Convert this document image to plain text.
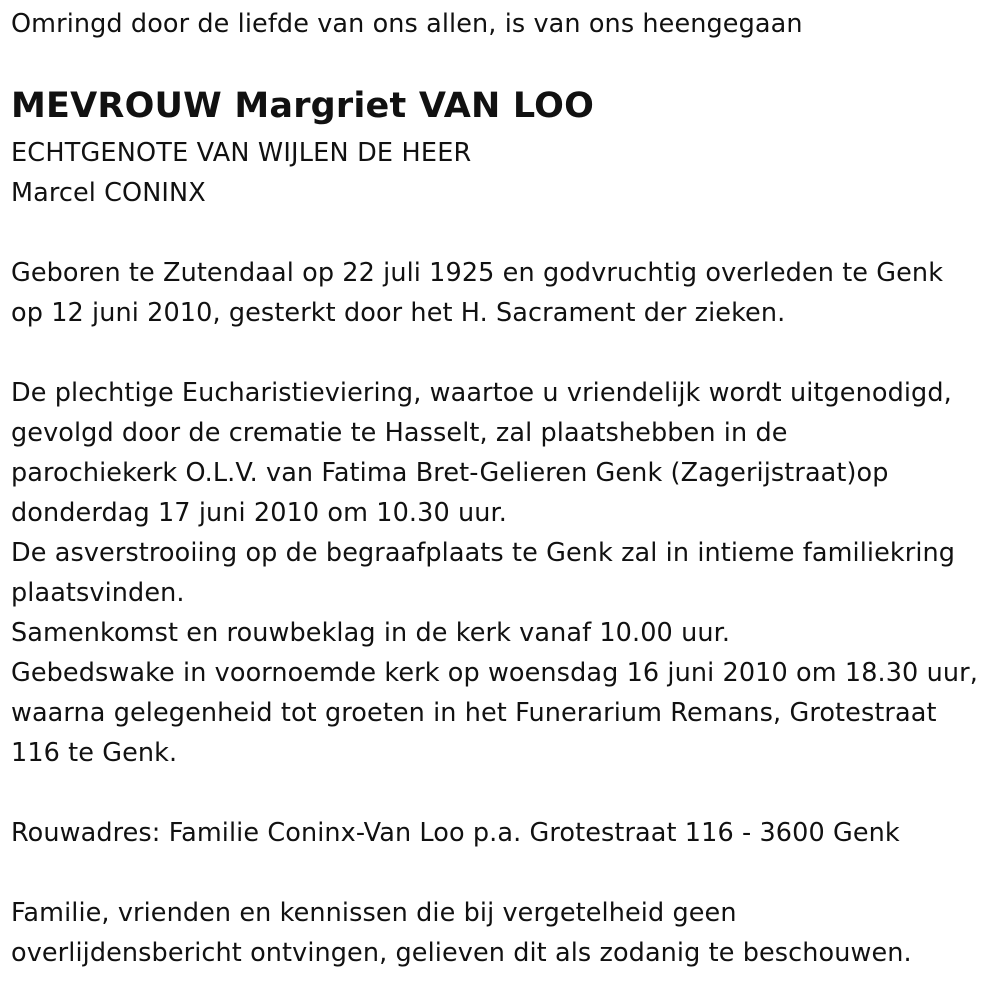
Omringd door de liefde van ons allen, is van ons heengegaan
MEVROUW Margriet VAN LOO
ECHTGENOTE VAN WIJLEN DE HEER
Marcel CONINX
Geboren te Zutendaal op 22 juli 1925 en godvruchtig overleden te Genk
op 12 juni 2010, gesterkt door het H. Sacrament der zieken.
De plechtige Eucharistieviering, waartoe u vriendelijk wordt uitgenodigd,
gevolgd door de crematie te Hasselt, zal plaatshebben in de
parochiekerk O.L.V. van Fatima Bret-Gelieren Genk (Zagerijstraat)op
donderdag 17 juni 2010 om 10.30 uur.
De asverstrooiing op de begraafplaats te Genk zal in intieme familiekring
plaatsvinden.
Samenkomst en rouwbeklag in de kerk vanaf 10.00 uur.
Gebedswake in voornoemde kerk op woensdag 16 juni 2010 om 18.30 uur,
waarna gelegenheid tot groeten in het Funerarium Remans, Grotestraat
116 te Genk.
Rouwadres: Familie Coninx-Van Loo p.a. Grotestraat 116 - 3600 Genk
Familie, vrienden en kennissen die bij vergetelheid geen
overlijdensbericht ontvingen, gelieven dit als zodanig te beschouwen.
